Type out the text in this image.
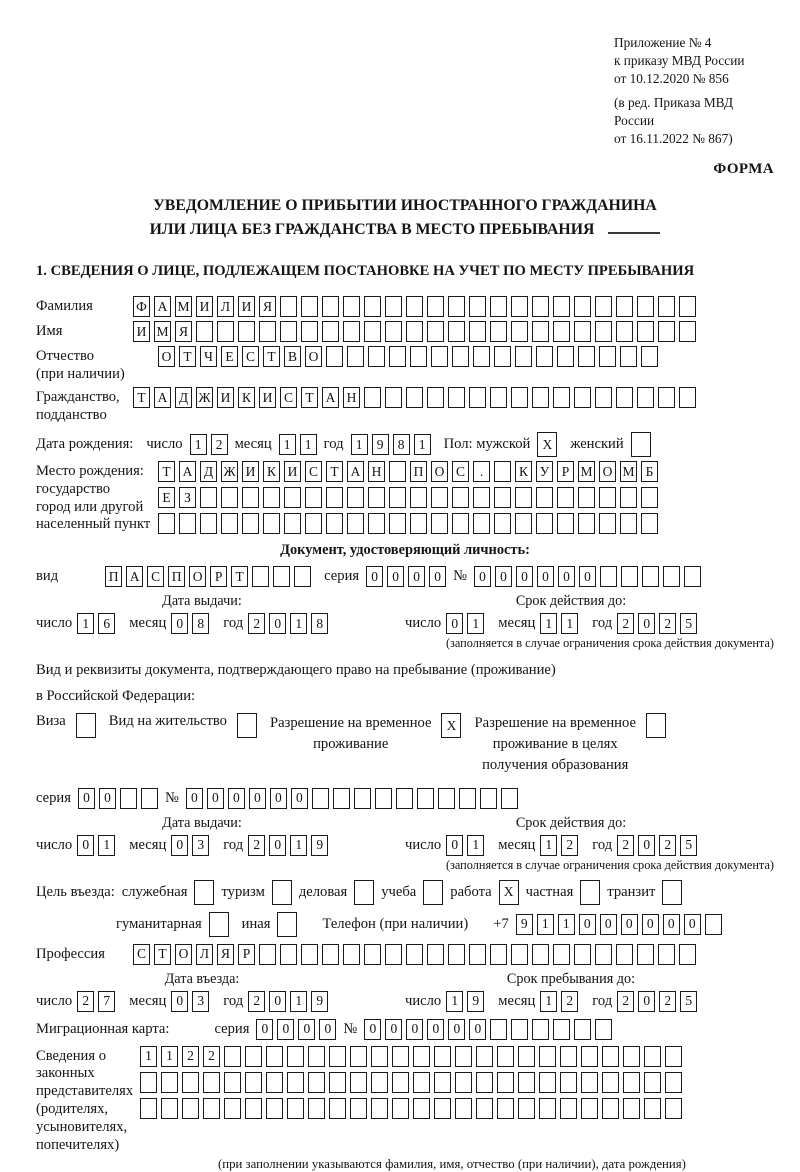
Приложение № 4
к приказу МВД России
от 10.12.2020 № 856
(в ред. Приказа МВД России
от 16.11.2022 № 867)
ФОРМА
УВЕДОМЛЕНИЕ О ПРИБЫТИИ ИНОСТРАННОГО ГРАЖДАНИНА
ИЛИ ЛИЦА БЕЗ ГРАЖДАНСТВА В МЕСТО ПРЕБЫВАНИЯ
1. СВЕДЕНИЯ О ЛИЦЕ, ПОДЛЕЖАЩЕМ ПОСТАНОВКЕ НА УЧЕТ ПО МЕСТУ ПРЕБЫВАНИЯ
Фамилия	Ф А М И Л И Я
Имя	И М Я
Отчество
(при наличии)
О Т Ч Е С Т В О
Гражданство,
подданство
Т А Д Ж И К И С Т А Н
Дата рождения: число 1	2 месяц 1	1 год 1	9	8	1	Пол: мужской X	женский
Место рождения:
государство
город или другой
населенный пункт
Т А Д Ж И К И С Т А Н П О С	.	К У Р М О М Б
Е З
Документ, удостоверяющий личность:
вид	П А С П О Р Т	серия 0	0	0	0 № 0	0	0	0	0	0
Дата выдачи:
число 1	6	месяц 0	8	год 2	0	1	8
Срок действия до:
число 0	1	месяц 1	1	год 2	0	2	5
(заполняется в случае ограничения срока действия документа)
Вид и реквизиты документа, подтверждающего право на пребывание (проживание)
в Российской Федерации:
Виза	Вид на жительство	Разрешение на временное
проживание
X	Разрешение на временное
проживание в целях
получения образования
серия 0	0	№ 0	0	0	0	0	0
Дата выдачи:
число 0	1	месяц 0	3	год 2	0	1	9
Срок действия до:
число 0	1	месяц 1	2	год 2	0	2	5
(заполняется в случае ограничения срока действия документа)
Цель въезда: служебная туризм деловая учеба работа X частная транзит
гуманитарная	иная	Телефон (при наличии) +7 9	1	1	0	0	0	0	0	0
Профессия	С Т О Л Я Р
Дата въезда:
число 2	7	месяц 0	3	год 2	0	1	9
Срок пребывания до:
число 1	9	месяц 1	2	год 2	0	2	5
Миграционная карта:	серия 0	0	0	0 № 0	0	0	0	0	0
Сведения о
законных
представителях
(родителях,
усыновителях,
попечителях)
1	1	2	2
(при заполнении указываются фамилия, имя, отчество (при наличии), дата рождения)
